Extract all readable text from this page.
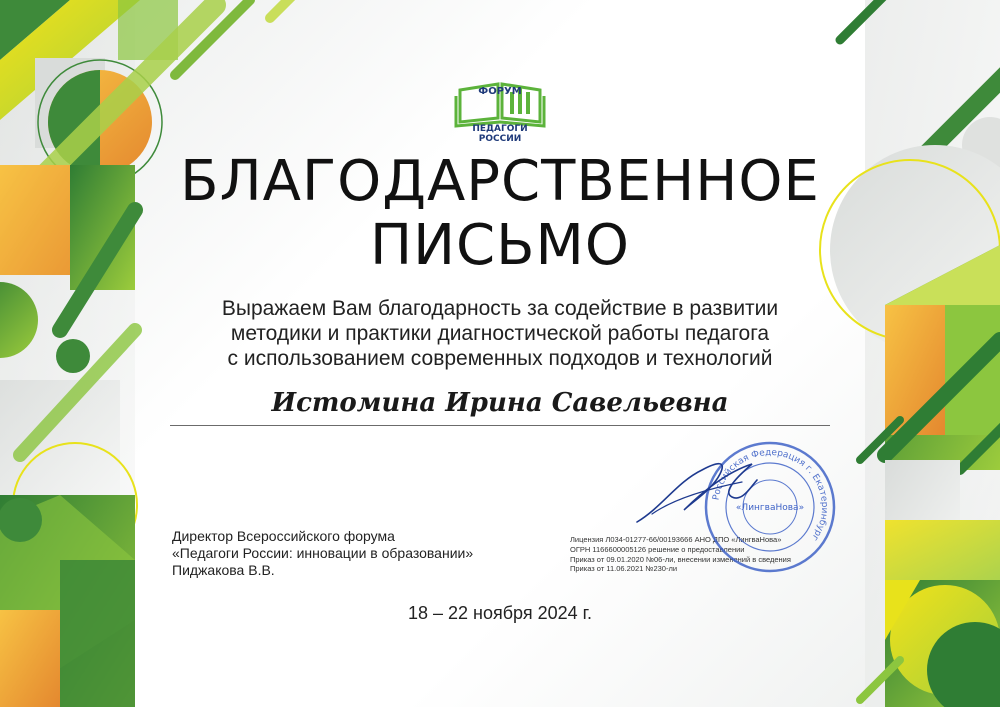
ФОРУМ
ПЕДАГОГИ РОССИИ
БЛАГОДАРСТВЕННОЕ
ПИСЬМО
Выражаем Вам благодарность за содействие в развитии
методики и практики диагностической работы педагога
с использованием современных подходов и технологий
Истомина Ирина Савельевна
Директор Всероссийского форума
«Педагоги России: инновации в образовании»
Пиджакова В.В.
Лицензия Л034-01277-66/00193666 АНО ДПО «ЛингваНова»
ОГРН 1166600005126 решение о предоставлении
Приказ от 09.01.2020 №06-ли, внесении изменений в сведения
Приказ от 11.06.2021 №230-ли
Российская Федерация г. Екатеринбург
«ЛингваНова»
18 – 22 ноября 2024 г.
